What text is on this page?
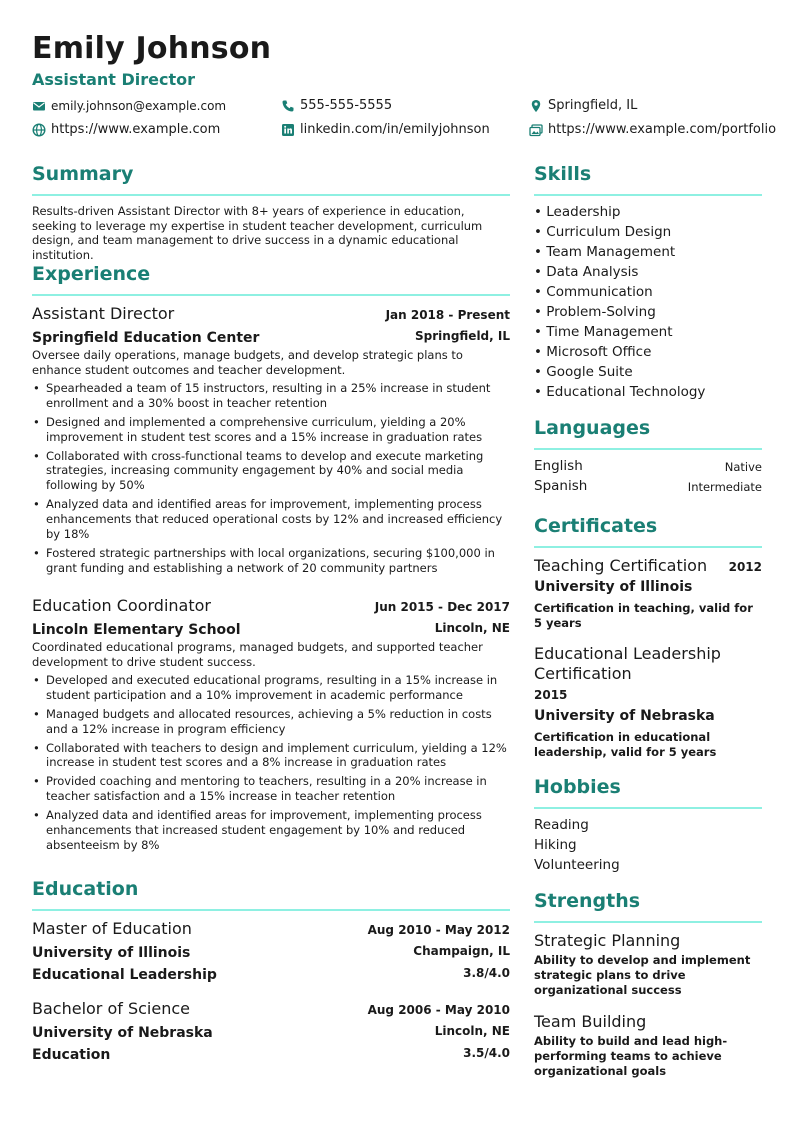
Emily Johnson
Assistant Director
emily.johnson@example.com	555-555-5555	Springfield, IL
https://www.example.com	linkedin.com/in/emilyjohnson	https://www.example.com/portfolio
Summary
Results-driven Assistant Director with 8+ years of experience in education, seeking to leverage my expertise in student teacher development, curriculum design, and team management to drive success in a dynamic educational institution.
Experience
Assistant Director	Jan 2018 - Present
Springfield Education Center	Springfield, IL
Oversee daily operations, manage budgets, and develop strategic plans to enhance student outcomes and teacher development.
• Spearheaded a team of 15 instructors, resulting in a 25% increase in student enrollment and a 30% boost in teacher retention
• Designed and implemented a comprehensive curriculum, yielding a 20% improvement in student test scores and a 15% increase in graduation rates
• Collaborated with cross-functional teams to develop and execute marketing strategies, increasing community engagement by 40% and social media following by 50%
• Analyzed data and identified areas for improvement, implementing process enhancements that reduced operational costs by 12% and increased efficiency by 18%
• Fostered strategic partnerships with local organizations, securing $100,000 in grant funding and establishing a network of 20 community partners
Education Coordinator	Jun 2015 - Dec 2017
Lincoln Elementary School	Lincoln, NE
Coordinated educational programs, managed budgets, and supported teacher development to drive student success.
• Developed and executed educational programs, resulting in a 15% increase in student participation and a 10% improvement in academic performance
• Managed budgets and allocated resources, achieving a 5% reduction in costs and a 12% increase in program efficiency
• Collaborated with teachers to design and implement curriculum, yielding a 12% increase in student test scores and a 8% increase in graduation rates
• Provided coaching and mentoring to teachers, resulting in a 20% increase in teacher satisfaction and a 15% increase in teacher retention
• Analyzed data and identified areas for improvement, implementing process enhancements that increased student engagement by 10% and reduced absenteeism by 8%
Education
Master of Education	Aug 2010 - May 2012
University of Illinois	Champaign, IL
Educational Leadership	3.8/4.0
Bachelor of Science	Aug 2006 - May 2010
University of Nebraska	Lincoln, NE
Education	3.5/4.0
Skills
• Leadership
• Curriculum Design
• Team Management
• Data Analysis
• Communication
• Problem-Solving
• Time Management
• Microsoft Office
• Google Suite
• Educational Technology
Languages
English	Native
Spanish	Intermediate
Certificates
Teaching Certification 2012
University of Illinois
Certification in teaching, valid for 5 years
Educational Leadership Certification
2015
University of Nebraska
Certification in educational leadership, valid for 5 years
Hobbies
Reading
Hiking
Volunteering
Strengths
Strategic Planning
Ability to develop and implement strategic plans to drive organizational success
Team Building
Ability to build and lead high-performing teams to achieve organizational goals
